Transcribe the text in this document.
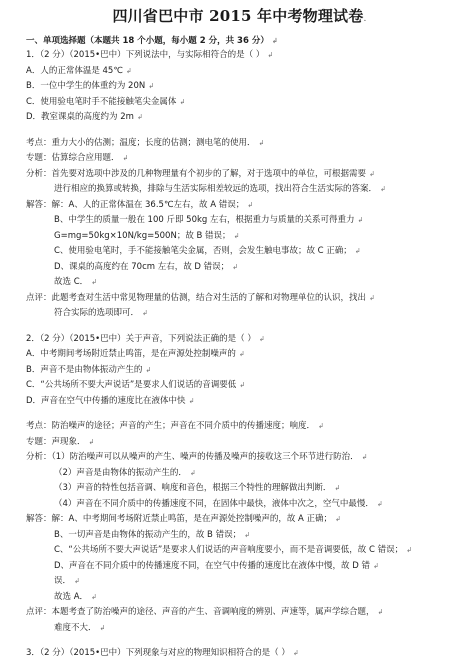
四川省巴中市 2015 年中考物理试卷.
一、单项选择题（本题共 18 个小题，每小题 2 分，共 36 分） ↲
1．（2 分）（2015•巴中）下列说法中，与实际相符合的是（ ） ↲
A．人的正常体温是 45℃ ↲
B．一位中学生的体重约为 20N ↲
C．使用验电笔时手不能接触笔尖金属体 ↲
D．教室课桌的高度约为 2m ↲
考点：重力大小的估测；温度；长度的估测；测电笔的使用． ↲
专题：估算综合应用题． ↲
分析：首先要对选项中涉及的几种物理量有个初步的了解，对于选项中的单位，可根据需要 ↲
进行相应的换算或转换，排除与生活实际相差较远的选项，找出符合生活实际的答案． ↲
解答：解：A、人的正常体温在 36.5℃左右，故 A 错误； ↲
B、中学生的质量一般在 100 斤即 50kg 左右，根据重力与质量的关系可得重力 ↲
G=mg=50kg×10N/kg=500N；故 B 错误； ↲
C、使用验电笔时，手不能接触笔尖金属，否则，会发生触电事故；故 C 正确； ↲
D、课桌的高度约在 70cm 左右，故 D 错误； ↲
故选 C． ↲
点评：此题考查对生活中常见物理量的估测，结合对生活的了解和对物理单位的认识，找出 ↲
符合实际的选项即可． ↲
2．（2 分）（2015•巴中）关于声音，下列说法正确的是（ ） ↲
A．中考期间考场附近禁止鸣笛，是在声源处控制噪声的 ↲
B．声音不是由物体振动产生的 ↲
C．“公共场所不要大声说话”是要求人们说话的音调要低 ↲
D．声音在空气中传播的速度比在液体中快 ↲
考点：防治噪声的途径；声音的产生；声音在不同介质中的传播速度；响度． ↲
专题：声现象． ↲
分析：（1）防治噪声可以从噪声的产生、噪声的传播及噪声的接收这三个环节进行防治． ↲
（2）声音是由物体的振动产生的． ↲
（3）声音的特性包括音调、响度和音色，根据三个特性的理解做出判断． ↲
（4）声音在不同介质中的传播速度不同，在固体中最快，液体中次之，空气中最慢． ↲
解答：解：A、中考期间考场附近禁止鸣笛，是在声源处控制噪声的，故 A 正确； ↲
B、一切声音是由物体的振动产生的，故 B 错误； ↲
C、“公共场所不要大声说话”是要求人们说话的声音响度要小，而不是音调要低，故 C 错误； ↲
D、声音在不同介质中的传播速度不同，在空气中传播的速度比在液体中慢，故 D 错 ↲
误． ↲
故选 A． ↲
点评：本题考查了防治噪声的途径、声音的产生、音调响度的辨别、声速等，属声学综合题， ↲
难度不大． ↲
3．（2 分）（2015•巴中）下列现象与对应的物理知识相符合的是（ ） ↲
